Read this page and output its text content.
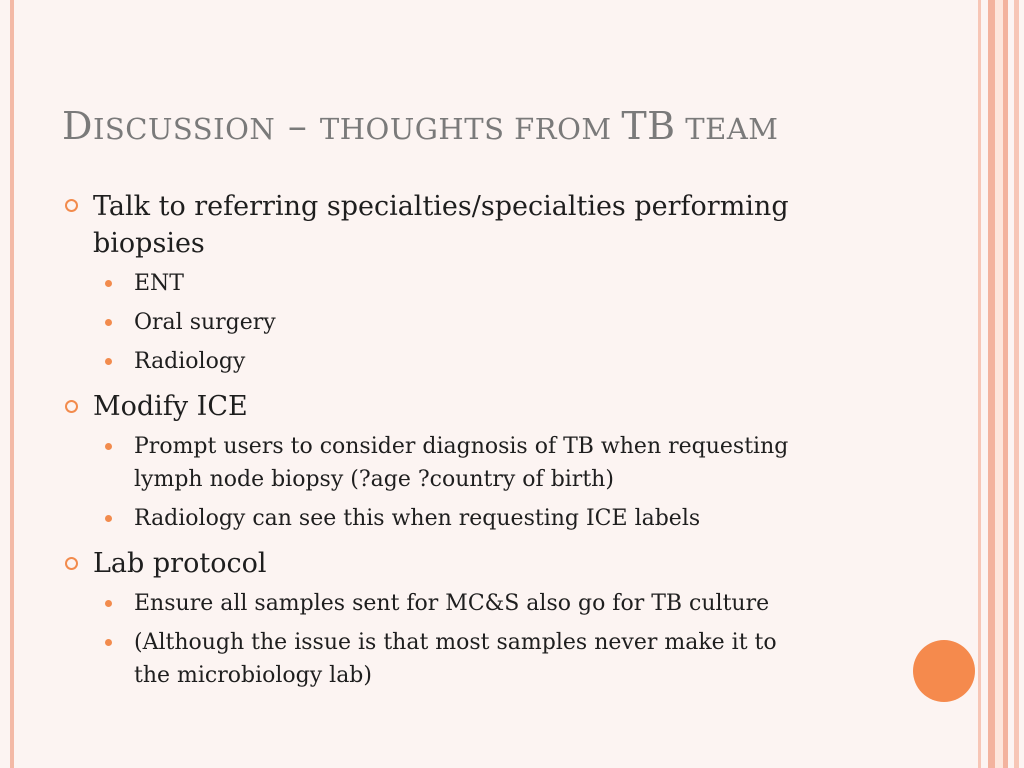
DISCUSSION – THOUGHTS FROM TB TEAM
Talk to referring specialties/specialties performing
biopsies
ENT
Oral surgery
Radiology
Modify ICE
Prompt users to consider diagnosis of TB when requesting
lymph node biopsy (?age ?country of birth)
Radiology can see this when requesting ICE labels
Lab protocol
Ensure all samples sent for MC&S also go for TB culture
(Although the issue is that most samples never make it to
the microbiology lab)
